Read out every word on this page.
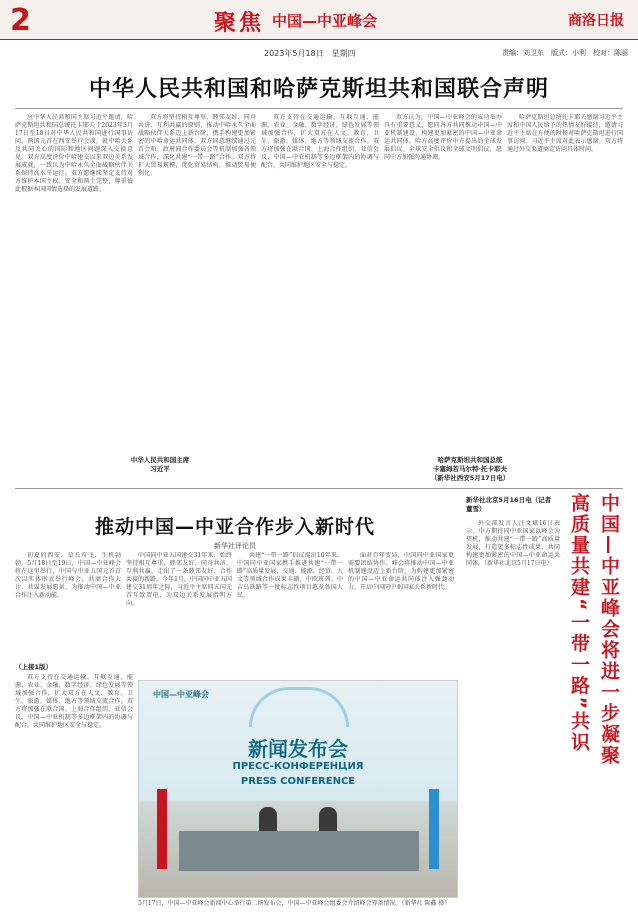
2	聚焦 中国—中亚峰会	商洛日报
2023年5月18日　星期四	责编：刘卫东　版式：小利　校对：陈丽
中华人民共和国和哈萨克斯坦共和国联合声明

应中华人民共和国主席习近平邀请，哈萨克斯坦共和国总统托卡耶夫于2023年5月17日至18日对中华人民共和国进行国事访问。两国元首在西安举行会谈，就中哈关系及共同关心的国际和地区问题深入交换意见。双方高度评价中哈建交以来双边关系发展成就，一致认为中哈永久全面战略伙伴关系保持高水平运行。双方愿继续坚定支持对方维护本国主权、安全和领土完整，尊重彼此根据本国国情选择的发展道路。

双方将坚持相互尊重、睦邻友好、同舟共济、互利共赢的原则，推动中哈永久全面战略伙伴关系迈上新台阶，携手构建更加紧密的中哈命运共同体。双方同意继续通过元首会晤、政府间合作委员会等机制加强各领域合作，深化共建“一带一路”合作。双方将扩大贸易规模，优化贸易结构，推动贸易便利化。

双方支持在交通运输、互联互通、能源、农业、金融、数字经济、绿色发展等领域加强合作，扩大双方在人文、教育、卫生、旅游、媒体、地方等领域交流合作。双方将加强在联合国、上海合作组织、亚信会议、中国—中亚机制等多边框架内的协调与配合，共同维护地区安全与稳定。

双方认为，中国—中亚峰会的成功举办具有重要意义，愿同各方共同推动中国—中亚机制建设，构建更加紧密的中国—中亚命运共同体。哈方高度评价中方提出的全球发展倡议、全球安全倡议和全球文明倡议，愿同中方加强沟通协调。

哈萨克斯坦总统托卡耶夫感谢习近平主席和中国人民给予的热情友好接待，邀请习近平主席在方便的时候对哈萨克斯坦进行国事访问。习近平主席对此表示感谢。双方将通过外交渠道商定访问具体时间。

中华人民共和国主席
习近平
哈萨克斯坦共和国总统
卡塞姆若马尔特·托卡耶夫
（新华社西安5月17日电）
推动中国—中亚合作步入新时代
新华社评论员

初夏的西安，草长莺飞，生机勃勃。5月18日至19日，中国—中亚峰会将在这里举行，中国与中亚五国元首首次以实体形式举行峰会，共商合作大计、共谋发展愿景，为推动中国—中亚合作注入新动能。

中国同中亚五国建交31年来，始终坚持相互尊重、睦邻友好、同舟共济、互利共赢，走出了一条睦邻友好、合作共赢的新路。今年1月，中国同中亚五国建交31周年之际，习近平主席同五国元首互致贺电，为双边关系发展指明方向。

共建“一带一路”倡议提出10年来，中国同中亚国家携手推进共建“一带一路”高质量发展，交通、能源、经贸、人文等领域合作成果丰硕，中欧班列、中吉乌铁路等一批标志性项目惠及各国人民。

面对百年变局，中国同中亚国家更需要团结协作。峰会将推动中国—中亚机制建设迈上新台阶，为构建更加紧密的中国—中亚命运共同体注入强劲动力，开启中国同中亚国家关系新时代。

新华社北京5月16日电（记者 董雪）	中国—中亚峰会将进一步凝聚
高质量共建“一带一路”共识

外交部发言人汪文斌16日表示，中方期待同中亚国家以峰会为契机，推动共建“一带一路”高质量发展，打造更多标志性成果，共同构建更加紧密的中国—中亚命运共同体。（新华社北京5月17日电）

（上接1版）

双方支持在交通运输、互联互通、能源、农业、金融、数字经济、绿色发展等领域加强合作，扩大双方在人文、教育、卫生、旅游、媒体、地方等领域交流合作。双方将加强在联合国、上海合作组织、亚信会议、中国—中亚机制等多边框架内的协调与配合，共同维护地区安全与稳定。

中国—中亚峰会
新闻发布会
ПРЕСС-КОНФЕРЕНЦИЯ
PRESS CONFERENCE
5月17日，中国—中亚峰会新闻中心举行第二场发布会，中国—中亚峰会组委会介绍峰会筹备情况。（新华社 陈鑫 摄）
